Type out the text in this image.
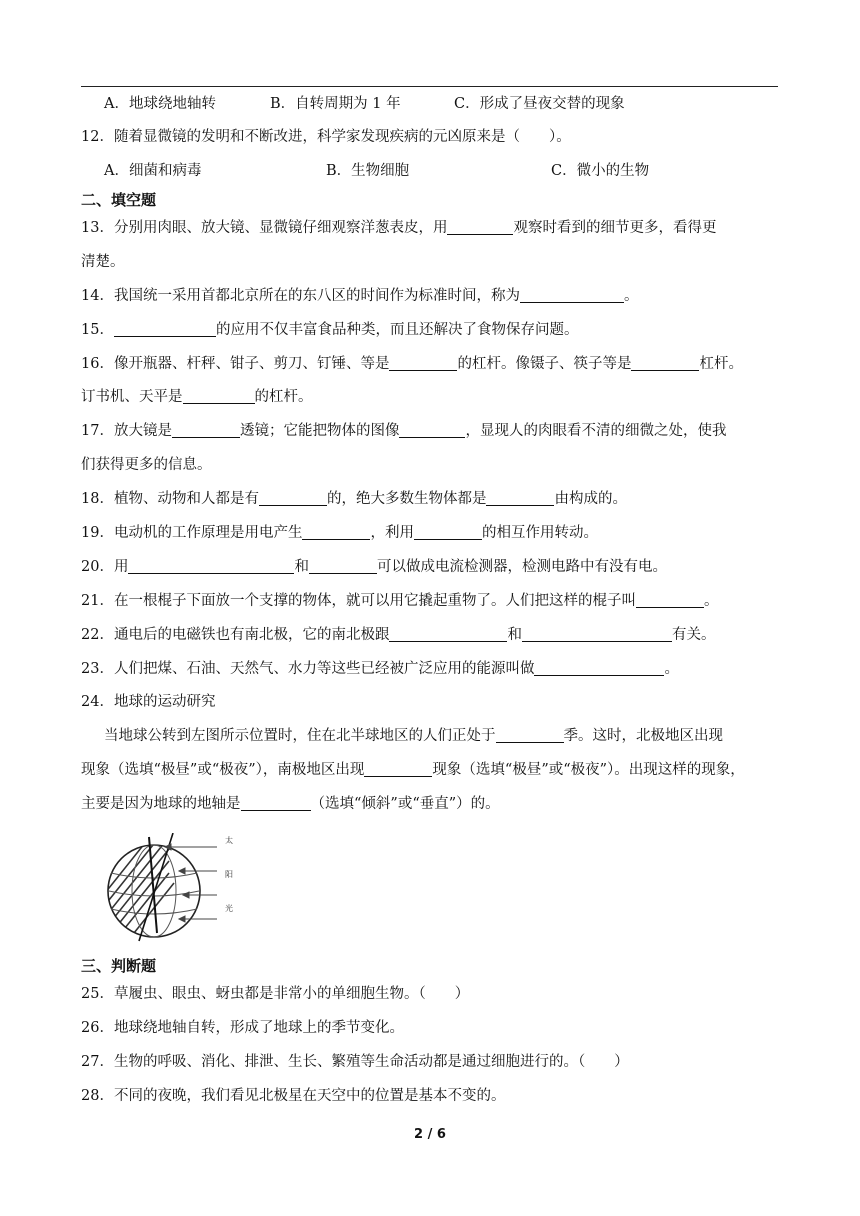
A．地球绕地轴转	B．自转周期为 1 年	C．形成了昼夜交替的现象
12．随着显微镜的发明和不断改进，科学家发现疾病的元凶原来是（　　）。
A．细菌和病毒	B．生物细胞	C．微小的生物
二、填空题
13．分别用肉眼、放大镜、显微镜仔细观察洋葱表皮，用	观察时看到的细节更多，看得更
清楚。
14．我国统一采用首都北京所在的东八区的时间作为标准时间，称为	。
15．	的应用不仅丰富食品种类，而且还解决了食物保存问题。
16．像开瓶器、杆秤、钳子、剪刀、钉锤、等是	的杠杆。像镊子、筷子等是	杠杆。
订书机、天平是	的杠杆。
17．放大镜是	透镜；它能把物体的图像	，显现人的肉眼看不清的细微之处，使我
们获得更多的信息。
18．植物、动物和人都是有	的，绝大多数生物体都是	由构成的。
19．电动机的工作原理是用电产生	，利用	的相互作用转动。
20．用	和	可以做成电流检测器，检测电路中有没有电。
21．在一根棍子下面放一个支撑的物体，就可以用它撬起重物了。人们把这样的棍子叫	。
22．通电后的电磁铁也有南北极，它的南北极跟	和	有关。
23．人们把煤、石油、天然气、水力等这些已经被广泛应用的能源叫做	。
24．地球的运动研究
当地球公转到左图所示位置时，住在北半球地区的人们正处于	季。这时，北极地区出现
现象（选填“极昼”或“极夜”），南极地区出现	现象（选填“极昼”或“极夜”）。出现这样的现象，
主要是因为地球的地轴是	（选填“倾斜”或“垂直”）的。
太
阳
光
三、判断题
25．草履虫、眼虫、蚜虫都是非常小的单细胞生物。（　　）
26．地球绕地轴自转，形成了地球上的季节变化。
27．生物的呼吸、消化、排泄、生长、繁殖等生命活动都是通过细胞进行的。（　　）
28．不同的夜晚，我们看见北极星在天空中的位置是基本不变的。
2 / 6
